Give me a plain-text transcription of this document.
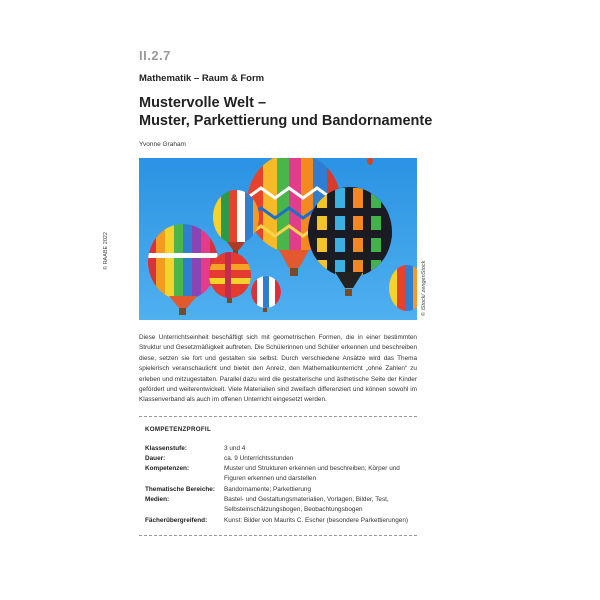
II.2.7
Mathematik – Raum & Form
Mustervolle Welt –
Muster, Parkettierung und Bandornamente
Yvonne Graham
© RAABE 2022
© iStock/ zengenStock
Diese Unterrichtseinheit beschäftigt sich mit geometrischen Formen, die in einer bestimmten Struktur und Gesetzmäßigkeit auftreten. Die Schülerinnen und Schüler erkennen und beschreiben diese, setzen sie fort und gestalten sie selbst. Durch verschiedene Ansätze wird das Thema spielerisch veranschaulicht und bietet den Anreiz, den Mathematikunterricht „ohne Zahlen“ zu erleben und mitzugestalten. Parallel dazu wird die gestalterische und ästhetische Seite der Kinder gefördert und weiterentwickelt. Viele Materialien sind zweifach differenziert und können sowohl im Klassenverband als auch im offenen Unterricht eingesetzt werden.
KOMPETENZPROFIL
Klassenstufe:	3 und 4
Dauer:	ca. 9 Unterrichtsstunden
Kompetenzen:	Muster und Strukturen erkennen und beschreiben; Körper und Figuren erkennen und darstellen
Thematische Bereiche: Bandornamente; Parkettierung
Medien:	Bastel- und Gestaltungsmaterialien, Vorlagen, Bilder, Test, Selbsteinschätzungsbogen, Beobachtungsbogen
Fächerübergreifend:	Kunst: Bilder von Maurits C. Escher (besondere Parkettierungen)
